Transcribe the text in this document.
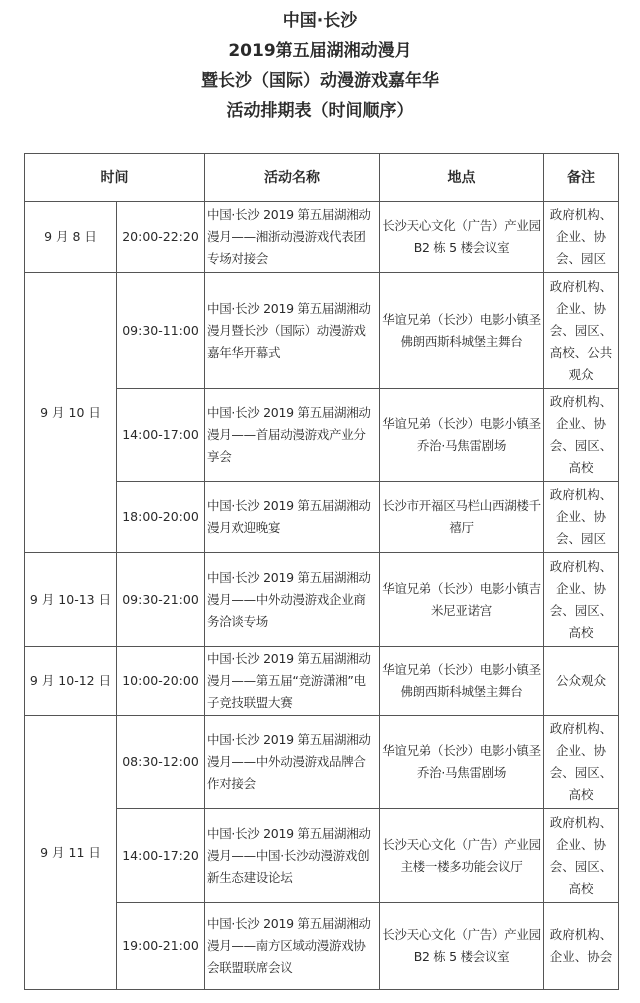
中国·长沙
2019第五届湖湘动漫月
暨长沙（国际）动漫游戏嘉年华
活动排期表（时间顺序）
时间		活动名称	地点	备注
9 月 8 日	20:00-22:20	中国·长沙 2019 第五届湖湘动漫月——湘浙动漫游戏代表团专场对接会	长沙天心文化（广告）产业园B2 栋 5 楼会议室	政府机构、企业、协会、园区
9 月 10 日	09:30-11:00	中国·长沙 2019 第五届湖湘动漫月暨长沙（国际）动漫游戏嘉年华开幕式	华谊兄弟（长沙）电影小镇圣佛朗西斯科城堡主舞台	政府机构、企业、协会、园区、高校、公共观众
	14:00-17:00	中国·长沙 2019 第五届湖湘动漫月——首届动漫游戏产业分享会	华谊兄弟（长沙）电影小镇圣乔治·马焦雷剧场	政府机构、企业、协会、园区、高校
	18:00-20:00	中国·长沙 2019 第五届湖湘动漫月欢迎晚宴	长沙市开福区马栏山西湖楼千禧厅	政府机构、企业、协会、园区
9 月 10-13 日	09:30-21:00	中国·长沙 2019 第五届湖湘动漫月——中外动漫游戏企业商务洽谈专场	华谊兄弟（长沙）电影小镇吉米尼亚诺宫	政府机构、企业、协会、园区、高校
9 月 10-12 日	10:00-20:00	中国·长沙 2019 第五届湖湘动漫月——第五届“竞游潇湘”电子竞技联盟大赛	华谊兄弟（长沙）电影小镇圣佛朗西斯科城堡主舞台	公众观众
9 月 11 日	08:30-12:00	中国·长沙 2019 第五届湖湘动漫月——中外动漫游戏品牌合作对接会	华谊兄弟（长沙）电影小镇圣乔治·马焦雷剧场	政府机构、企业、协会、园区、高校
	14:00-17:20	中国·长沙 2019 第五届湖湘动漫月——中国·长沙动漫游戏创新生态建设论坛	长沙天心文化（广告）产业园主楼一楼多功能会议厅	政府机构、企业、协会、园区、高校
	19:00-21:00	中国·长沙 2019 第五届湖湘动漫月——南方区域动漫游戏协会联盟联席会议	长沙天心文化（广告）产业园B2 栋 5 楼会议室	政府机构、企业、协会
